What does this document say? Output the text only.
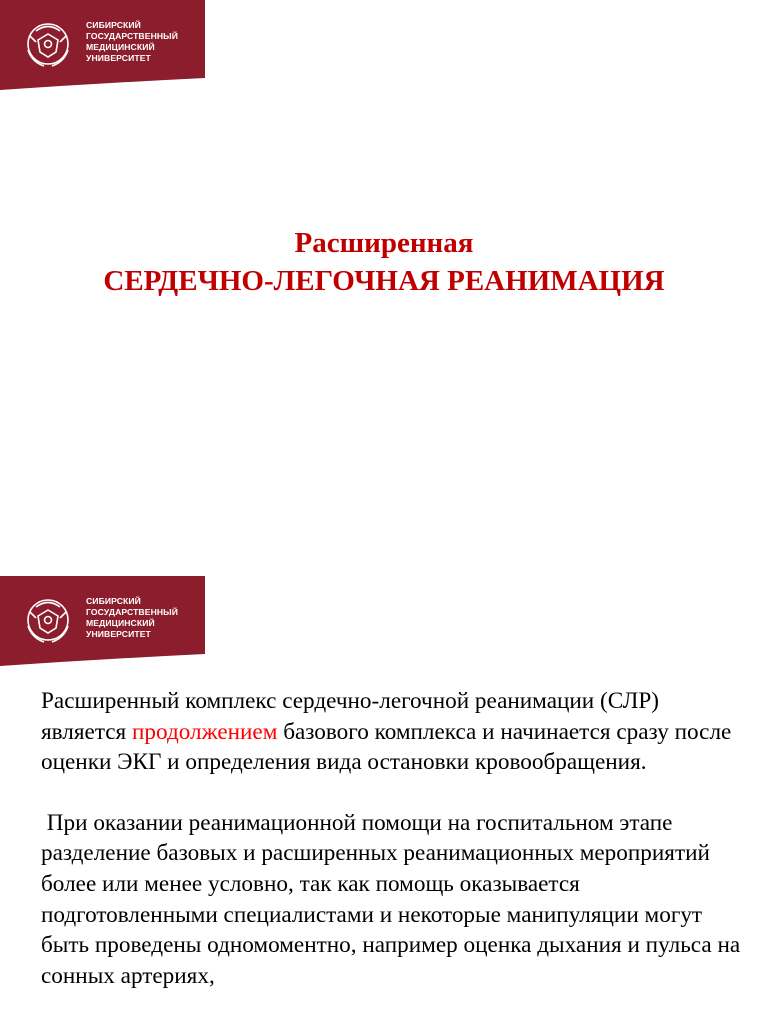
СИБИРСКИЙ
ГОСУДАРСТВЕННЫЙ
МЕДИЦИНСКИЙ
УНИВЕРСИТЕТ
Расширенная
СЕРДЕЧНО-ЛЕГОЧНАЯ РЕАНИМАЦИЯ
СИБИРСКИЙ
ГОСУДАРСТВЕННЫЙ
МЕДИЦИНСКИЙ
УНИВЕРСИТЕТ

Расширенный комплекс сердечно-легочной реанимации (СЛР) является продолжением базового комплекса и начинается сразу после оценки ЭКГ и определения вида остановки кровообращения.

При оказании реанимационной помощи на госпитальном этапе разделение базовых и расширенных реанимационных мероприятий более или менее условно, так как помощь оказывается подготовленными специалистами и некоторые манипуляции могут быть проведены одномоментно, например оценка дыхания и пульса на сонных артериях,
